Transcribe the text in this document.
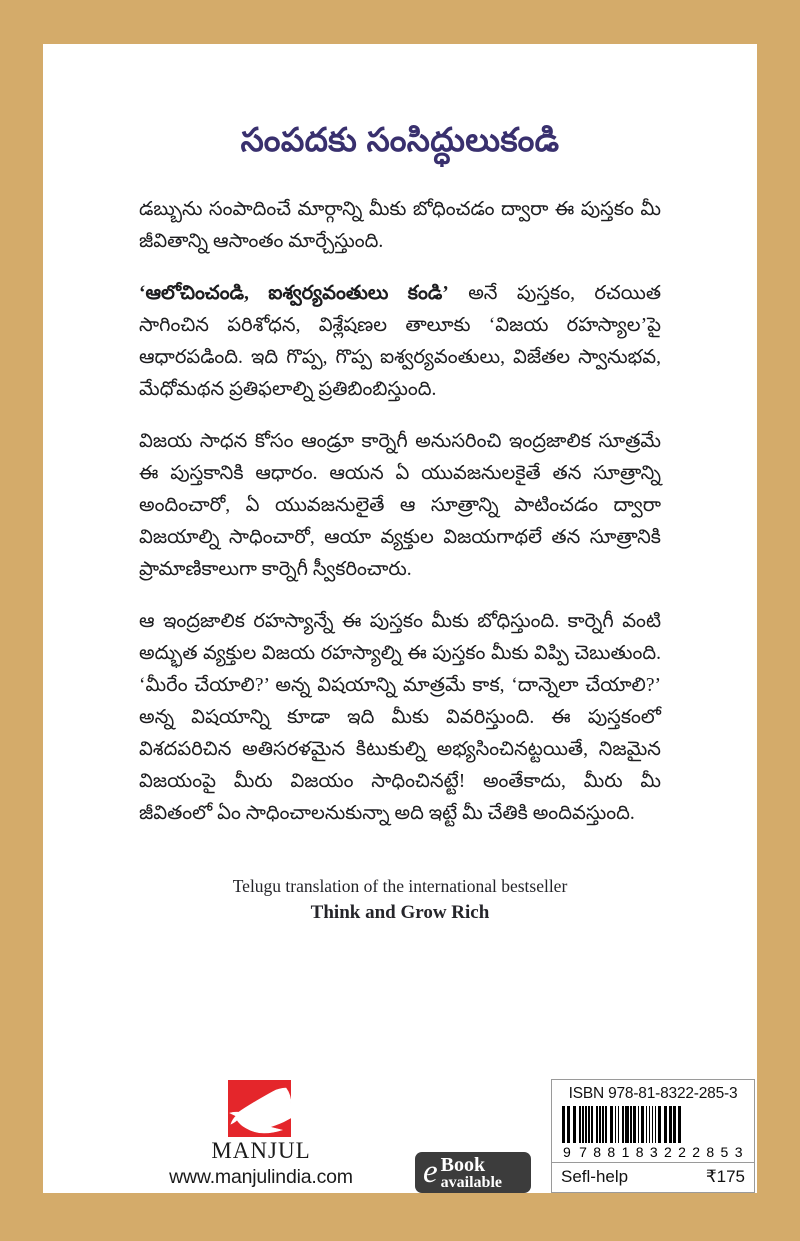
సంపదకు సంసిద్ధులుకండి

డబ్బును సంపాదించే మార్గాన్ని మీకు బోధించడం ద్వారా ఈ పుస్తకం మీ జీవితాన్ని ఆసాంతం మార్చేస్తుంది.

‘ఆలోచించండి, ఐశ్వర్యవంతులు కండి’ అనే పుస్తకం, రచయిత సాగించిన పరిశోధన, విశ్లేషణల తాలూకు ‘విజయ రహస్యాల’పై ఆధారపడింది. ఇది గొప్ప, గొప్ప ఐశ్వర్యవంతులు, విజేతల స్వానుభవ, మేధోమథన ప్రతిఫలాల్ని ప్రతిబింబిస్తుంది.

విజయ సాధన కోసం ఆండ్రూ కార్నెగీ అనుసరించి ఇంద్రజాలిక సూత్రమే ఈ పుస్తకానికి ఆధారం. ఆయన ఏ యువజనులకైతే తన సూత్రాన్ని అందించారో, ఏ యువజనులైతే ఆ సూత్రాన్ని పాటించడం ద్వారా విజయాల్ని సాధించారో, ఆయా వ్యక్తుల విజయగాథలే తన సూత్రానికి ప్రామాణికాలుగా కార్నెగీ స్వీకరించారు.

ఆ ఇంద్రజాలిక రహస్యాన్నే ఈ పుస్తకం మీకు బోధిస్తుంది. కార్నెగీ వంటి అద్భుత వ్యక్తుల విజయ రహస్యాల్ని ఈ పుస్తకం మీకు విప్పి చెబుతుంది. ‘మీరేం చేయాలి?’ అన్న విషయాన్ని మాత్రమే కాక, ‘దాన్నెలా చేయాలి?’ అన్న విషయాన్ని కూడా ఇది మీకు వివరిస్తుంది. ఈ పుస్తకంలో విశదపరిచిన అతిసరళమైన కిటుకుల్ని అభ్యసించినట్టయితే, నిజమైన విజయంపై మీరు విజయం సాధించినట్టే! అంతేకాదు, మీరు మీ జీవితంలో ఏం సాధించాలనుకున్నా అది ఇట్టే మీ చేతికి అందివస్తుంది.

Telugu translation of the international bestseller
Think and Grow Rich
MANJUL
www.manjulindia.com	e Book
available
ISBN 978-81-8322-285-3
9 7 8 8 1 8 3 2 2 2 8 5 3
Sefl-help	₹175
